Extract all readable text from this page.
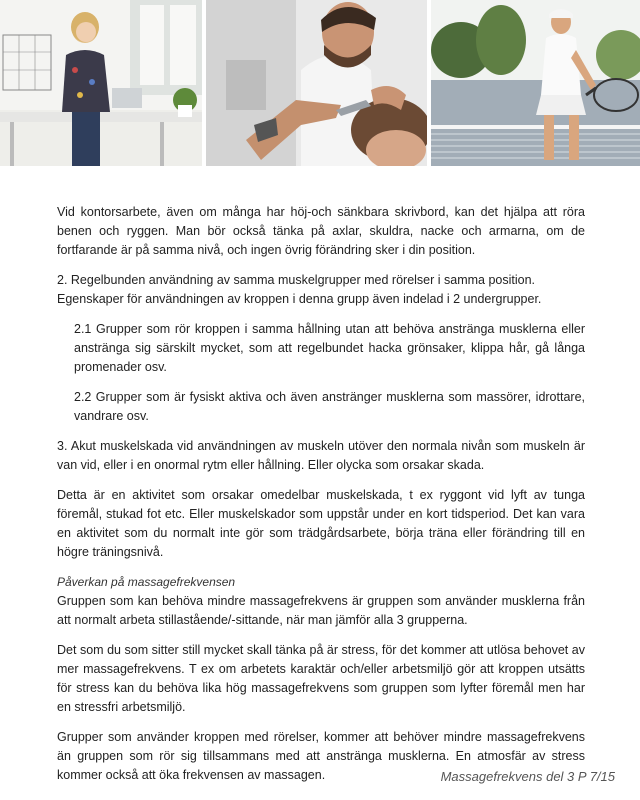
Vid kontorsarbete, även om många har höj-och sänkbara skrivbord, kan det hjälpa att röra benen och ryggen. Man bör också tänka på axlar, skuldra, nacke och armarna, om de fortfarande är på samma nivå, och ingen övrig förändring sker i din position.

2. Regelbunden användning av samma muskelgrupper med rörelser i samma position. Egenskaper för användningen av kroppen i denna grupp även indelad i 2 undergrupper.

2.1 Grupper som rör kroppen i samma hållning utan att behöva anstränga musklerna eller anstränga sig särskilt mycket, som att regelbundet hacka grönsaker, klippa hår, gå långa promenader osv.

2.2 Grupper som är fysiskt aktiva och även anstränger musklerna som massörer, idrottare, vandrare osv.

3. Akut muskelskada vid användningen av muskeln utöver den normala nivån som muskeln är van vid, eller i en onormal rytm eller hållning. Eller olycka som orsakar skada.

Detta är en aktivitet som orsakar omedelbar muskelskada, t ex ryggont vid lyft av tunga föremål, stukad fot etc. Eller muskelskador som uppstår under en kort tidsperiod. Det kan vara en aktivitet som du normalt inte gör som trädgårdsarbete, börja träna eller förändring till en högre träningsnivå.

Påverkan på massagefrekvensen

Gruppen som kan behöva mindre massagefrekvens är gruppen som använder musklerna från att normalt arbeta stillastående/-sittande, när man jämför alla 3 grupperna.

Det som du som sitter still mycket skall tänka på är stress, för det kommer att utlösa behovet av mer massagefrekvens. T ex om arbetets karaktär och/eller arbetsmiljö gör att kroppen utsätts för stress kan du behöva lika hög massagefrekvens som gruppen som lyfter föremål men har en stressfri arbetsmiljö.

Grupper som använder kroppen med rörelser, kommer att behöver mindre massagefrekvens än gruppen som rör sig tillsammans med att anstränga musklerna. En atmosfär av stress kommer också att öka frekvensen av massagen.	Massagefrekvens del 3 P 7/15
